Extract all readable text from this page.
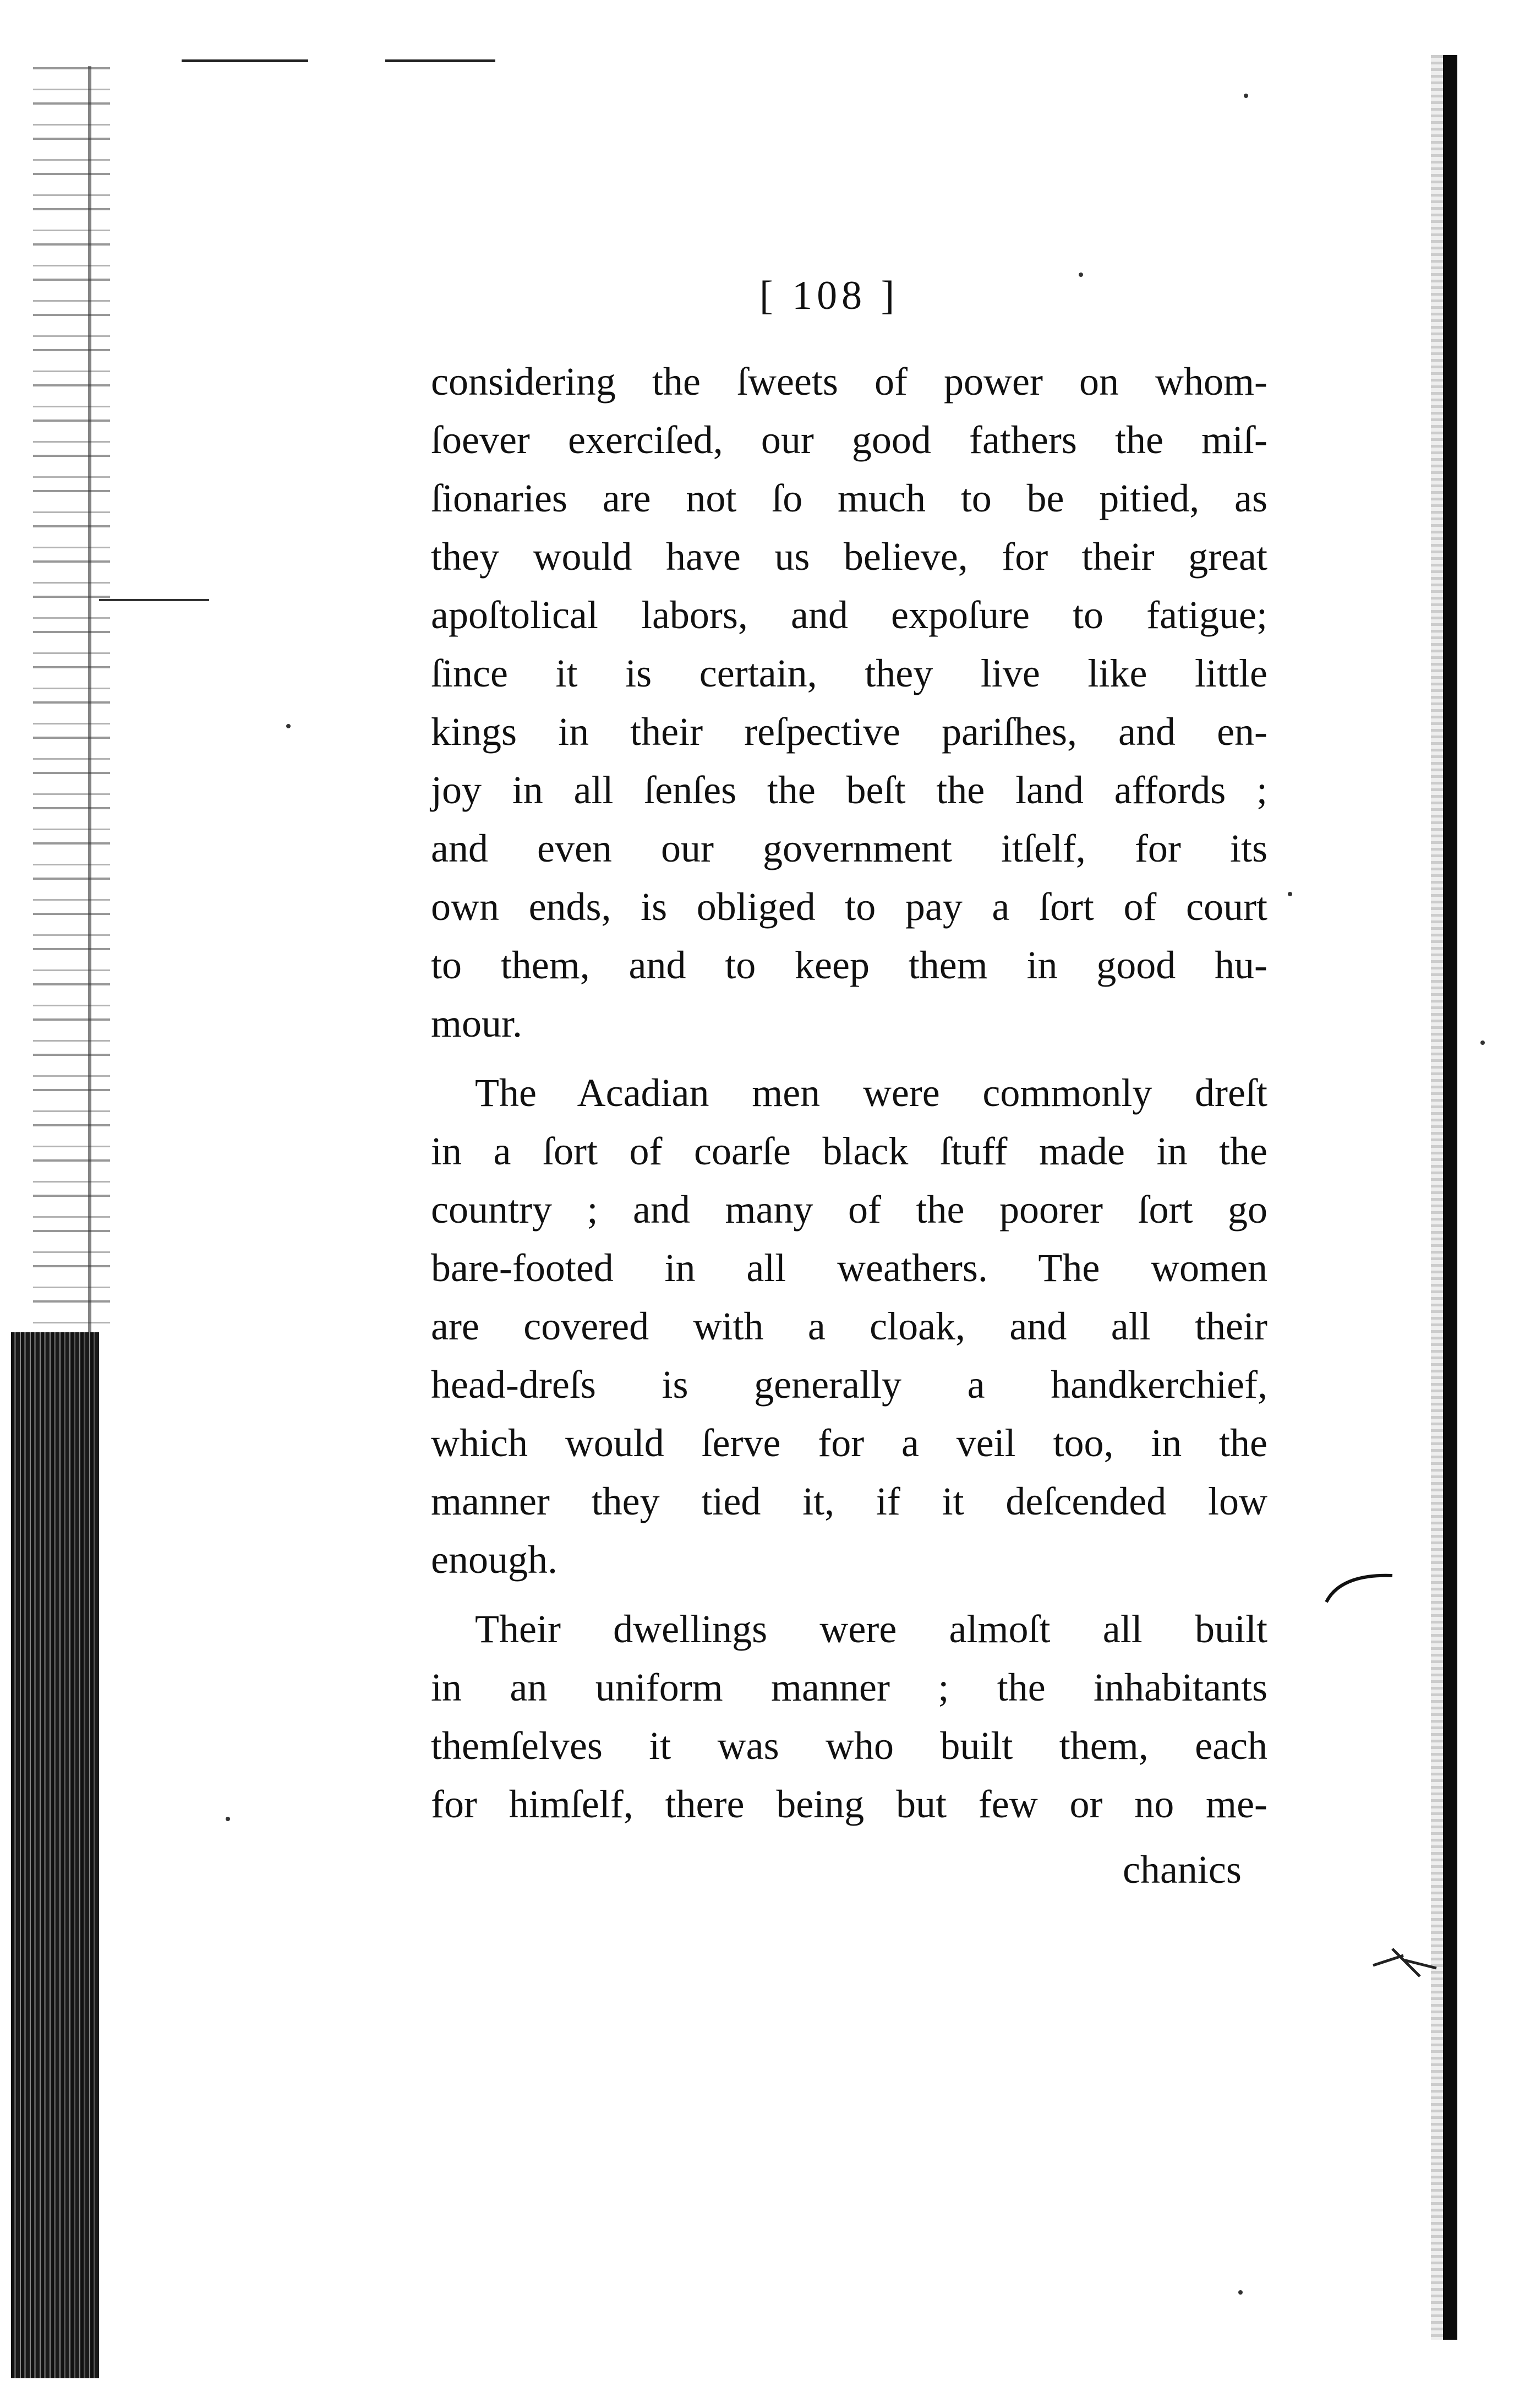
[ 108 ]
considering the ſweets of power on whom-
ſoever exerciſed, our good fathers the miſ-
ſionaries are not ſo much to be pitied, as
they would have us believe, for their great
apoſtolical labors, and expoſure to fatigue;
ſince it is certain, they live like little
kings in their reſpective pariſhes, and en-
joy in all ſenſes the beſt the land affords ;
and even our government itſelf, for its
own ends, is obliged to pay a ſort of court
to them, and to keep them in good hu-
mour.
The Acadian men were commonly dreſt
in a ſort of coarſe black ſtuff made in the
country ; and many of the poorer ſort go
bare-footed in all weathers. The women
are covered with a cloak, and all their
head-dreſs is generally a handkerchief,
which would ſerve for a veil too, in the
manner they tied it, if it deſcended low
enough.
Their dwellings were almoſt all built
in an uniform manner ; the inhabitants
themſelves it was who built them, each
for himſelf, there being but few or no me-
chanics
